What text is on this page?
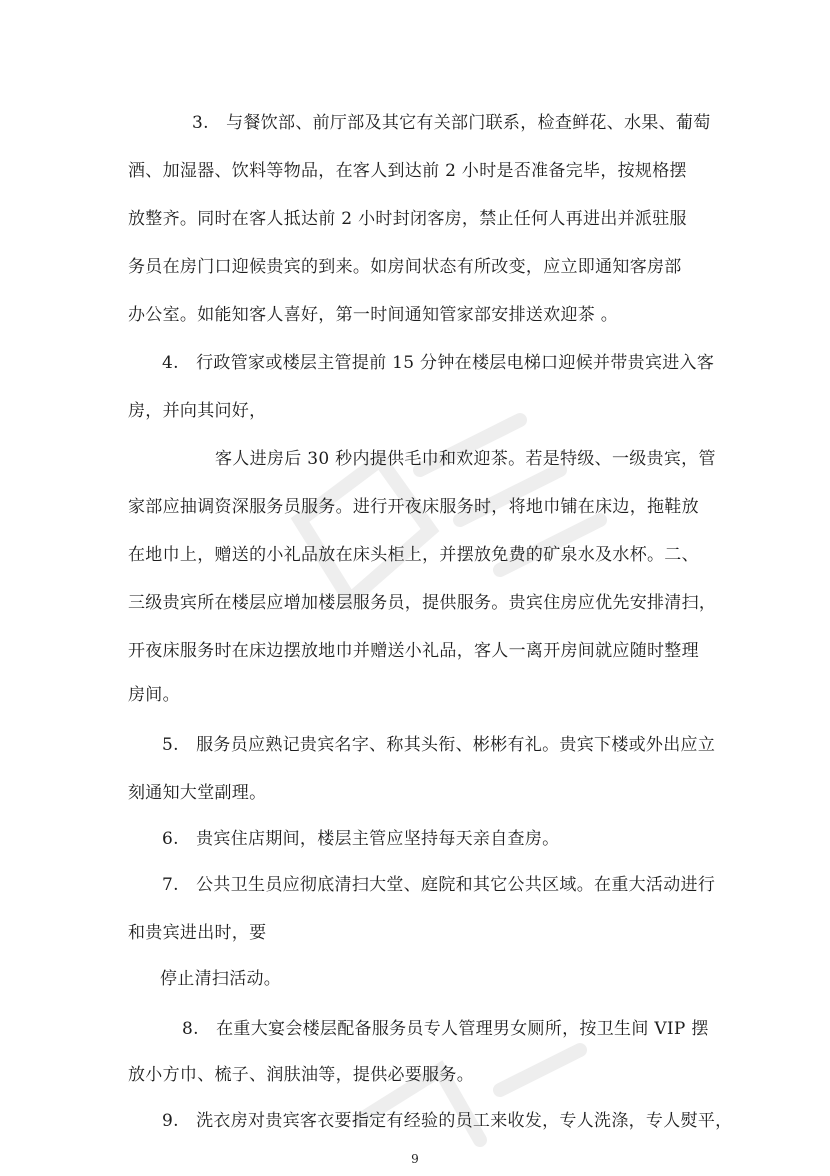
3.　与餐饮部、前厅部及其它有关部门联系，检查鲜花、水果、葡萄
酒、加湿器、饮料等物品，在客人到达前 2 小时是否准备完毕，按规格摆
放整齐。同时在客人抵达前 2 小时封闭客房，禁止任何人再进出并派驻服
务员在房门口迎候贵宾的到来。如房间状态有所改变，应立即通知客房部
办公室。如能知客人喜好，第一时间通知管家部安排送欢迎茶 。
4.　行政管家或楼层主管提前 15 分钟在楼层电梯口迎候并带贵宾进入客
房，并向其问好，
客人进房后 30 秒内提供毛巾和欢迎茶。若是特级、一级贵宾，管
家部应抽调资深服务员服务。进行开夜床服务时，将地巾铺在床边，拖鞋放
在地巾上，赠送的小礼品放在床头柜上，并摆放免费的矿泉水及水杯。二、
三级贵宾所在楼层应增加楼层服务员，提供服务。贵宾住房应优先安排清扫，
开夜床服务时在床边摆放地巾并赠送小礼品，客人一离开房间就应随时整理
房间。
5.　服务员应熟记贵宾名字、称其头衔、彬彬有礼。贵宾下楼或外出应立
刻通知大堂副理。
6.　贵宾住店期间，楼层主管应坚持每天亲自查房。
7.　公共卫生员应彻底清扫大堂、庭院和其它公共区域。在重大活动进行
和贵宾进出时，要
停止清扫活动。
8.　在重大宴会楼层配备服务员专人管理男女厕所，按卫生间 VIP 摆
放小方巾、梳子、润肤油等，提供必要服务。
9.　洗衣房对贵宾客衣要指定有经验的员工来收发，专人洗涤，专人熨平，
9
